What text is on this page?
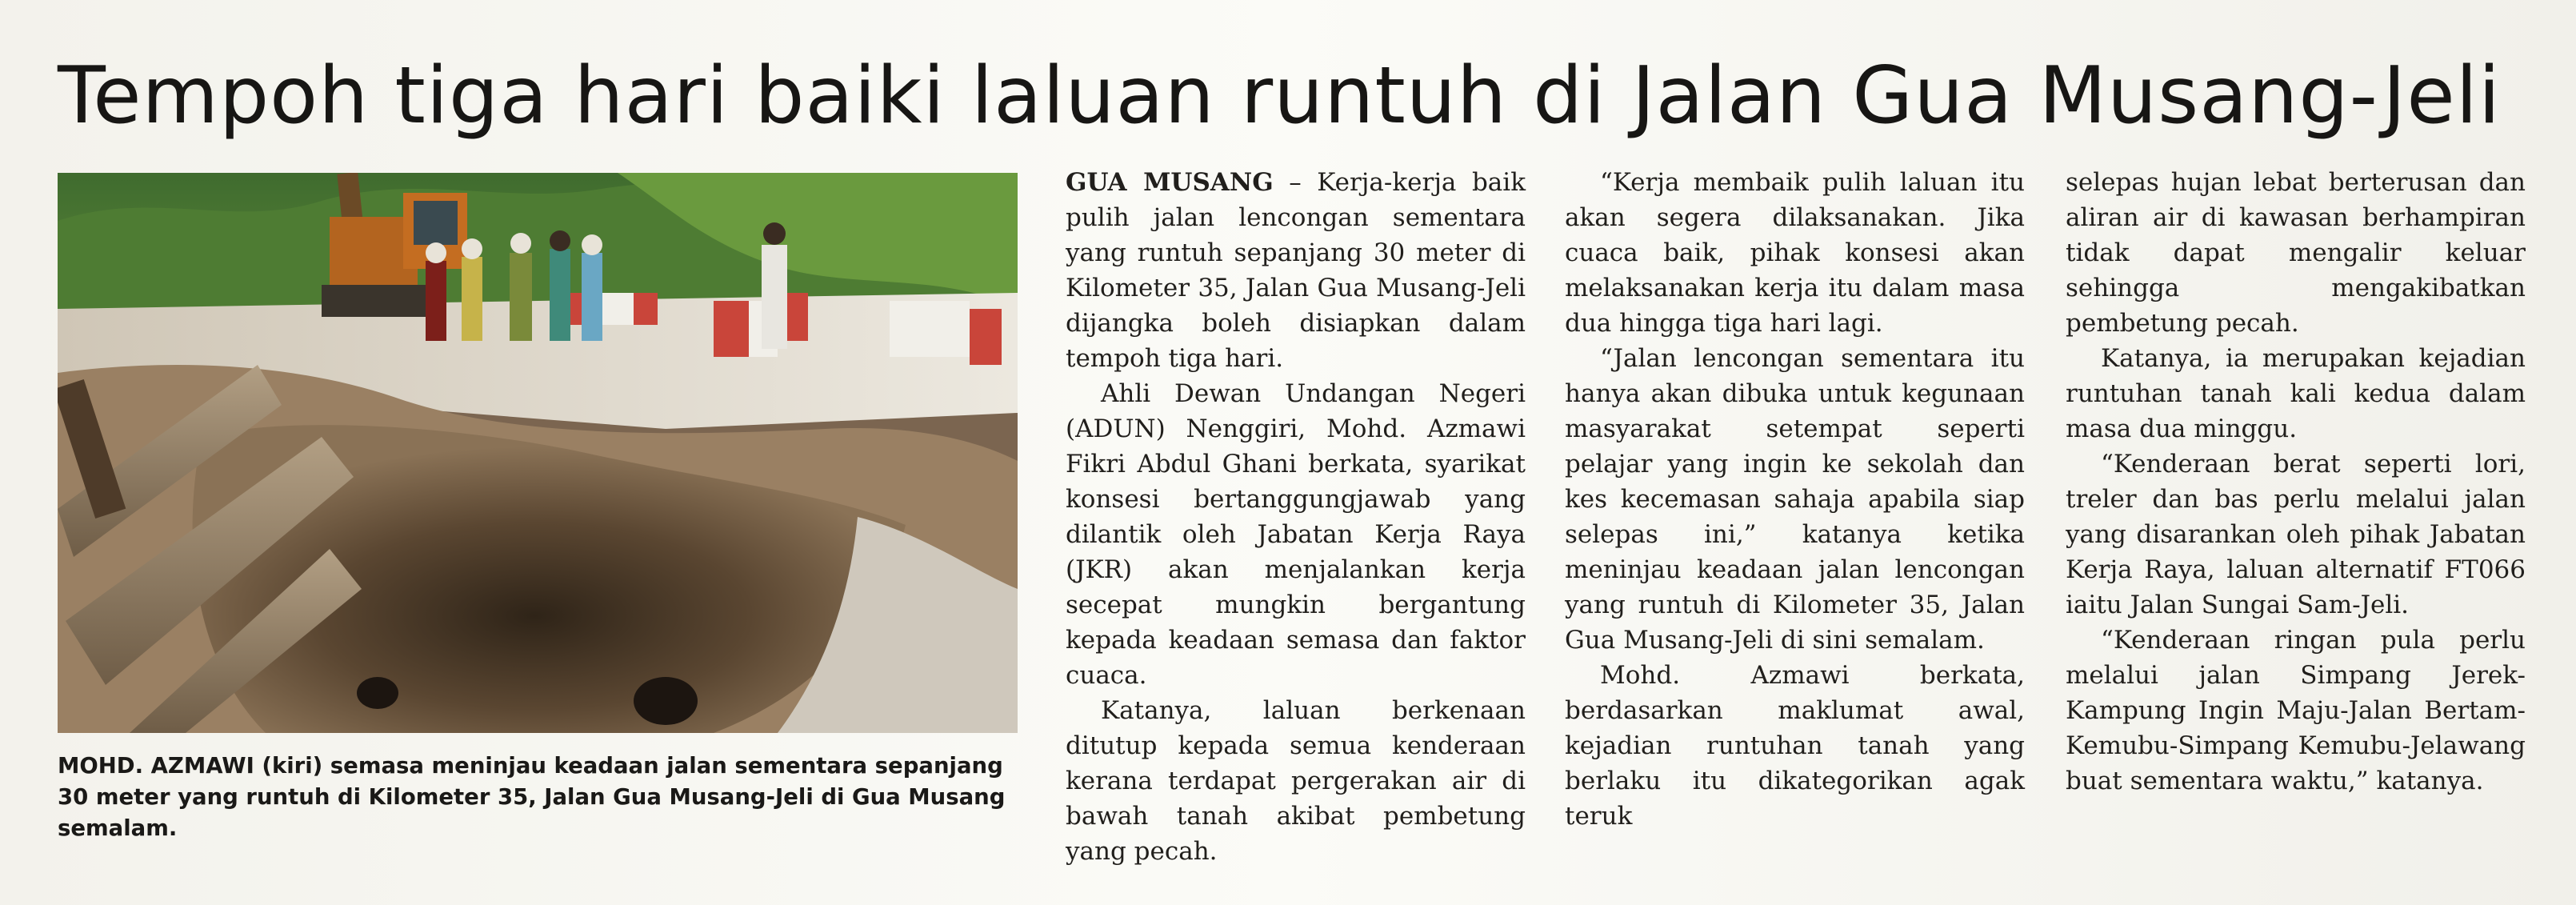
Tempoh tiga hari baiki laluan runtuh di Jalan Gua Musang-Jeli

MOHD. AZMAWI (kiri) semasa meninjau keadaan jalan sementara sepanjang 30 meter yang runtuh di Kilometer 35, Jalan Gua Musang-Jeli di Gua Musang semalam.

GUA MUSANG – Kerja-kerja baik pulih jalan lencongan sementara yang runtuh sepanjang 30 meter di Kilometer 35, Jalan Gua Musang-Jeli dijangka boleh disiapkan dalam tempoh tiga hari.

Ahli Dewan Undangan Negeri (ADUN) Nenggiri, Mohd. Azmawi Fikri Abdul Ghani berkata, syarikat konsesi bertanggungjawab yang dilantik oleh Jabatan Kerja Raya (JKR) akan menjalankan kerja secepat mungkin bergantung kepada keadaan semasa dan faktor cuaca.

Katanya, laluan berkenaan ditutup kepada semua kenderaan kerana terdapat pergerakan air di bawah tanah akibat pembetung yang pecah.

“Kerja membaik pulih laluan itu akan segera dilaksanakan. Jika cuaca baik, pihak konsesi akan melaksanakan kerja itu dalam masa dua hingga tiga hari lagi.

“Jalan lencongan sementara itu hanya akan dibuka untuk kegunaan masyarakat setempat seperti pelajar yang ingin ke sekolah dan kes kecemasan sahaja apabila siap selepas ini,” katanya ketika meninjau keadaan jalan lencongan yang runtuh di Kilometer 35, Jalan Gua Musang-Jeli di sini semalam.

Mohd. Azmawi berkata, berdasarkan maklumat awal, kejadian runtuhan tanah yang berlaku itu dikategorikan agak teruk

selepas hujan lebat berterusan dan aliran air di kawasan berhampiran tidak dapat mengalir keluar sehingga mengakibatkan pembetung pecah.

Katanya, ia merupakan kejadian runtuhan tanah kali kedua dalam masa dua minggu.

“Kenderaan berat seperti lori, treler dan bas perlu melalui jalan yang disarankan oleh pihak Jabatan Kerja Raya, laluan alternatif FT066 iaitu Jalan Sungai Sam-Jeli.

“Kenderaan ringan pula perlu melalui jalan Simpang Jerek-Kampung Ingin Maju-Jalan Bertam-Kemubu-Simpang Kemubu-Jelawang buat sementara waktu,” katanya.
